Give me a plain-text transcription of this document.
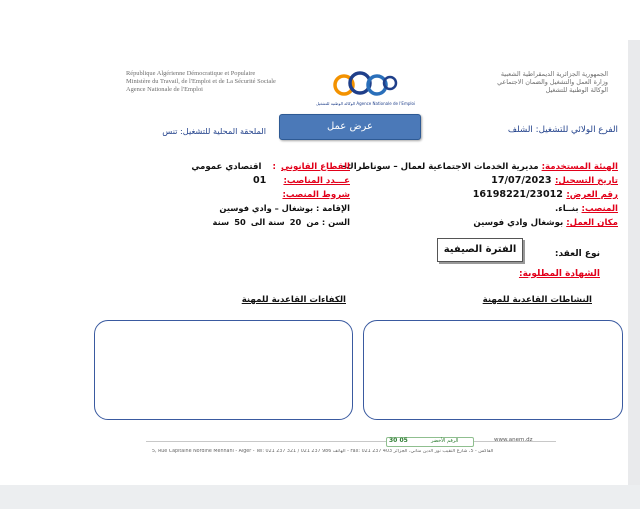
République Algérienne Démocratique et Populaire
Ministère du Travail, de l'Emploi et de La Sécurité Sociale
Agence Nationale de l'Emploi
الوكالة الوطنية للتشغيل Agence Nationale de l'Emploi
الجمهورية الجزائرية الديمقراطية الشعبية
وزارة العمل والتشغيل والضمان الاجتماعي
الوكالة الوطنية للتشغيل
الملحقة المحلية للتشغيل: تنس	عرض عمل	الفرع الولائي للتشغيل: الشلف
الهيئة المستخدمة: مديرية الخدمات الاجتماعية لعمال – سوناطراك-
تاريخ التسجيل: 17/07/2023
رقم العرض: 16198221/23012
المنصب: بنــاء.
مكان العمل: بوشغال وادي فوسين
القطاع القانوني : اقتصادي عمومي
عـــدد المناصب: 01
شروط المنصب:
الإقامة : بوشغال – وادي فوسين
السن : من 20 سنة الى 50 سنة
الفترة الصيفية	نوع العقد:
الشهادة المطلوبة:
النشاطات القاعدية للمهنة
الكفاءات القاعدية للمهنة
30 05	الرقم الأخضر	www.anem.dz
5, Rue Capitaine Nordine Mennani - Alger - Tel: 021 237 321 / 021 237 986 الهاتف - Fax: 021 237 403 الفاكس - 5، شارع النقيب نور الدين مناني، الجزائر
